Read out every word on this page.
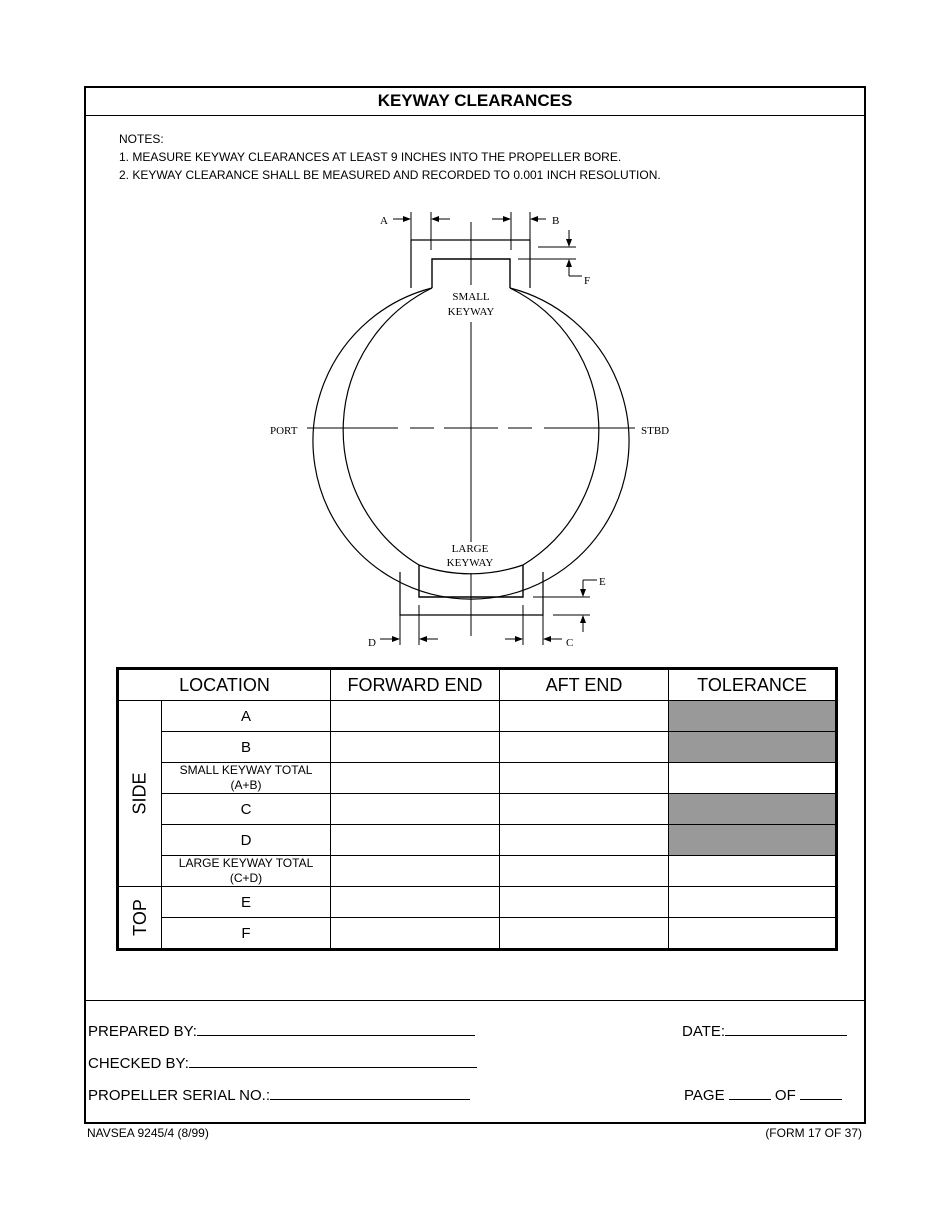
SMALL
KEYWAY
LARGE
KEYWAY
PORT	STBD
A	B
F
E
D	C
KEYWAY CLEARANCES
NOTES:
1. MEASURE KEYWAY CLEARANCES AT LEAST 9 INCHES INTO THE PROPELLER BORE.
2. KEYWAY CLEARANCE SHALL BE MEASURED AND RECORDED TO 0.001 INCH RESOLUTION.
LOCATION		FORWARD END	AFT END	TOLERANCE
SIDE	A			
	B			

	SMALL KEYWAY TOTAL
(A+B)			

	C			
	D			

	LARGE KEYWAY TOTAL
(C+D)			

TOP	E			
	F			
PREPARED BY:	DATE:
CHECKED BY:
PROPELLER SERIAL NO.:	PAGE	OF
NAVSEA 9245/4 (8/99)	(FORM 17 OF 37)
